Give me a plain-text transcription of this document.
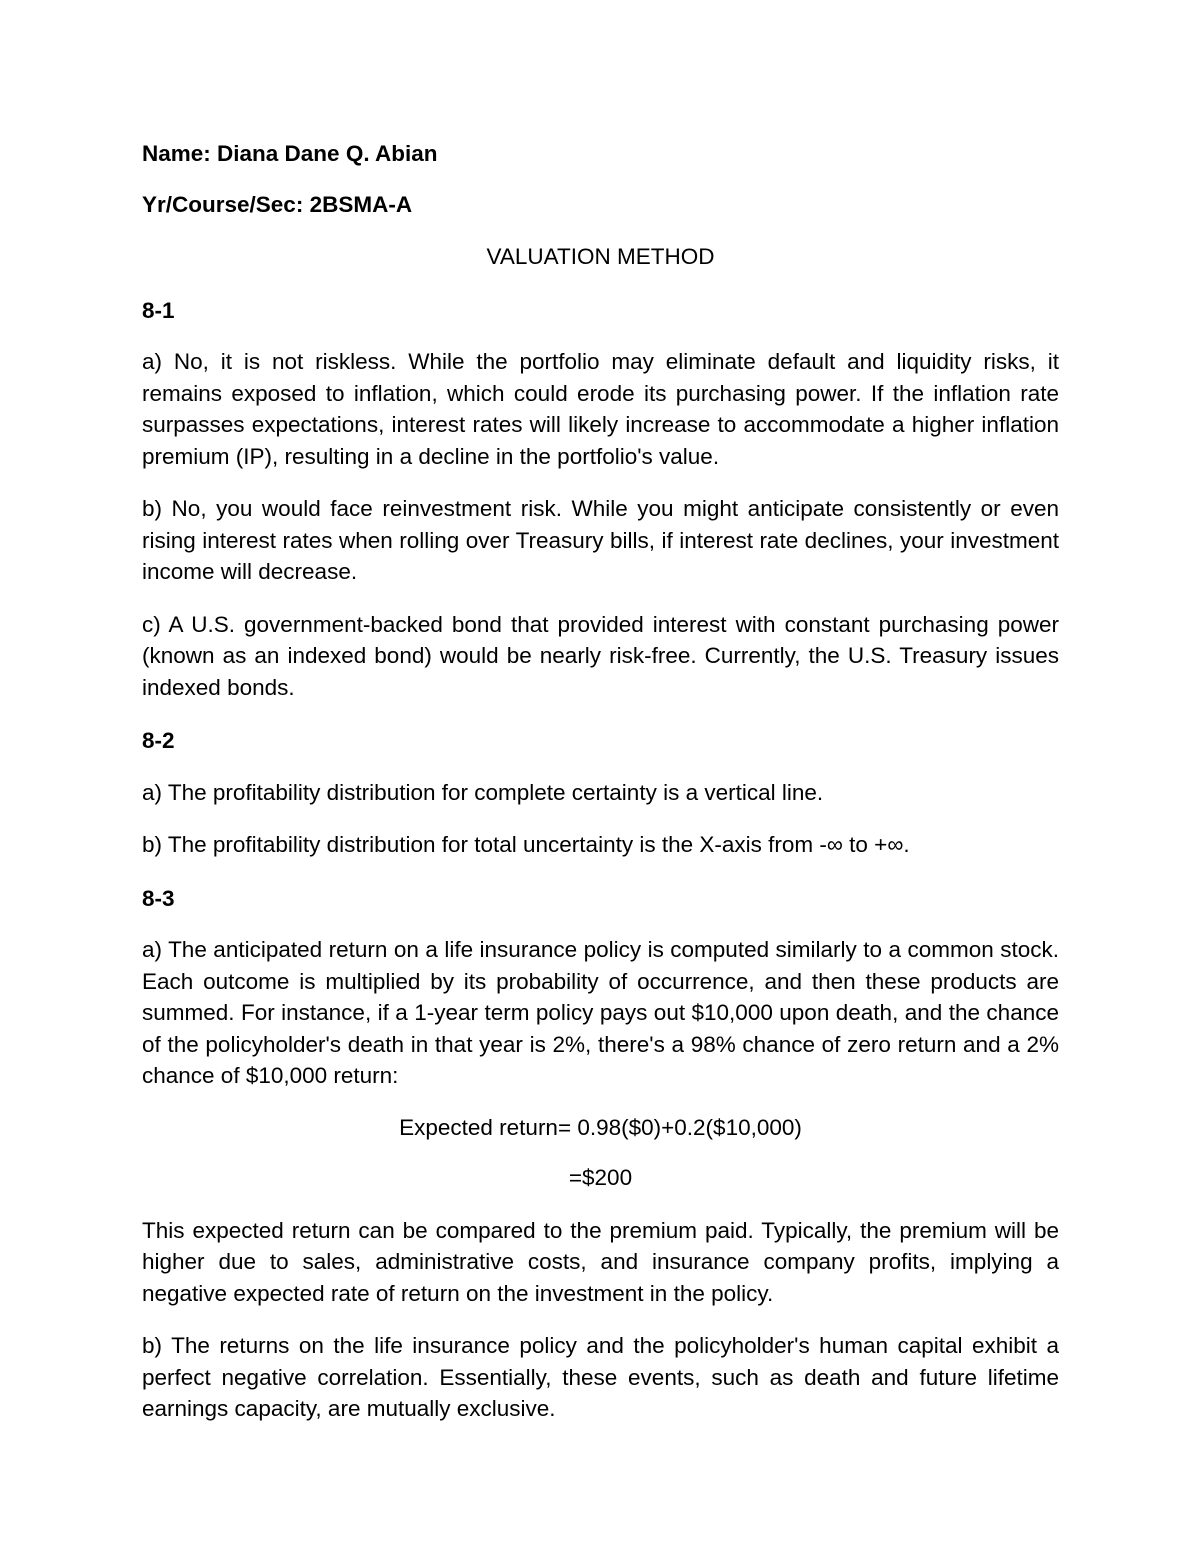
Name: Diana Dane Q. Abian

Yr/Course/Sec: 2BSMA-A

VALUATION METHOD

8-1

a) No, it is not riskless. While the portfolio may eliminate default and liquidity risks, it remains exposed to inflation, which could erode its purchasing power. If the inflation rate surpasses expectations, interest rates will likely increase to accommodate a higher inflation premium (IP), resulting in a decline in the portfolio's value.

b) No, you would face reinvestment risk. While you might anticipate consistently or even rising interest rates when rolling over Treasury bills, if interest rate declines, your investment income will decrease.

c) A U.S. government-backed bond that provided interest with constant purchasing power (known as an indexed bond) would be nearly risk-free. Currently, the U.S. Treasury issues indexed bonds.

8-2

a) The profitability distribution for complete certainty is a vertical line.

b) The profitability distribution for total uncertainty is the X-axis from -∞ to +∞.

8-3

a) The anticipated return on a life insurance policy is computed similarly to a common stock. Each outcome is multiplied by its probability of occurrence, and then these products are summed. For instance, if a 1-year term policy pays out $10,000 upon death, and the chance of the policyholder's death in that year is 2%, there's a 98% chance of zero return and a 2% chance of $10,000 return:

Expected return= 0.98($0)+0.2($10,000)

=$200

This expected return can be compared to the premium paid. Typically, the premium will be higher due to sales, administrative costs, and insurance company profits, implying a negative expected rate of return on the investment in the policy.

b) The returns on the life insurance policy and the policyholder's human capital exhibit a perfect negative correlation. Essentially, these events, such as death and future lifetime earnings capacity, are mutually exclusive.
